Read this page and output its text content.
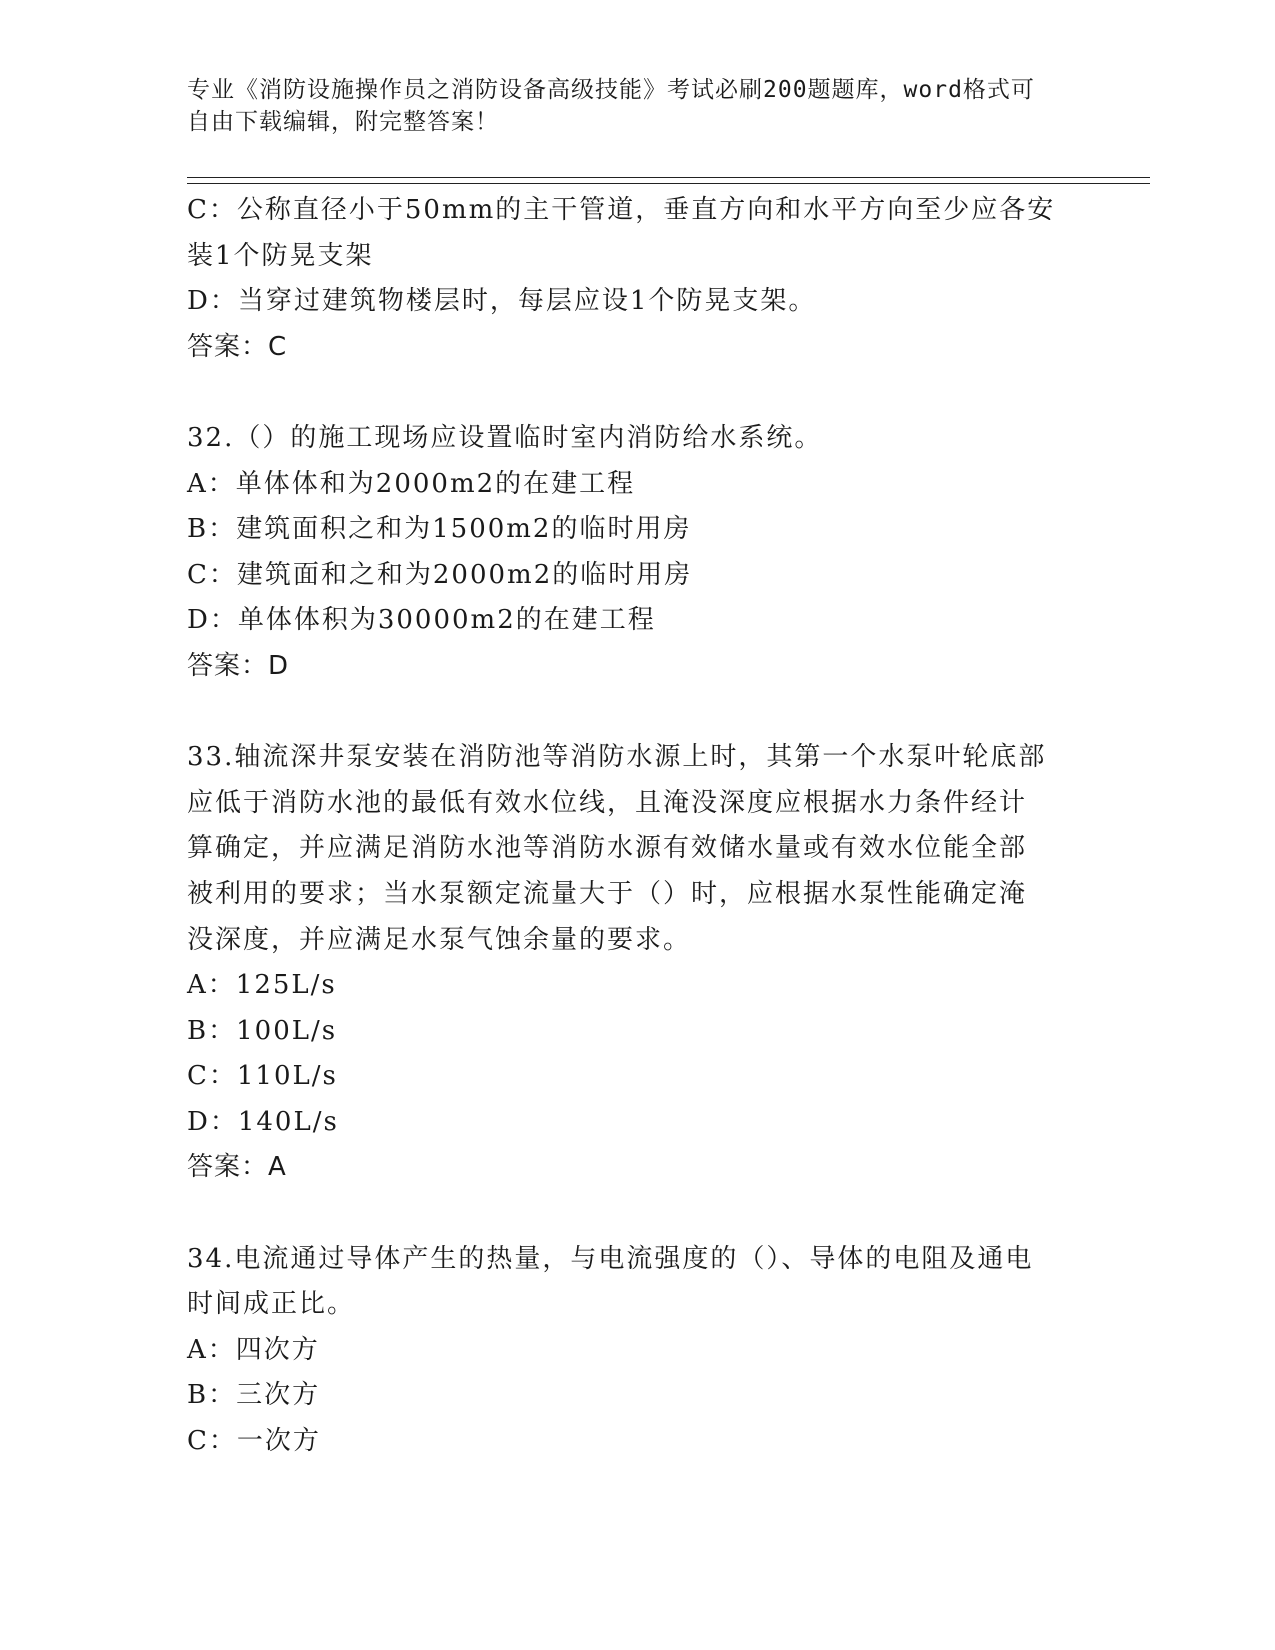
专业《消防设施操作员之消防设备高级技能》考试必刷200题题库，word格式可
自由下载编辑，附完整答案！
C：公称直径小于50mm的主干管道，垂直方向和水平方向至少应各安
装1个防晃支架
D：当穿过建筑物楼层时，每层应设1个防晃支架。
答案：C
32.（）的施工现场应设置临时室内消防给水系统。
A：单体体和为2000m2的在建工程
B：建筑面积之和为1500m2的临时用房
C：建筑面和之和为2000m2的临时用房
D：单体体积为30000m2的在建工程
答案：D
33.轴流深井泵安装在消防池等消防水源上时，其第一个水泵叶轮底部
应低于消防水池的最低有效水位线，且淹没深度应根据水力条件经计
算确定，并应满足消防水池等消防水源有效储水量或有效水位能全部
被利用的要求；当水泵额定流量大于（）时，应根据水泵性能确定淹
没深度，并应满足水泵气蚀余量的要求。
A：125L/s
B：100L/s
C：110L/s
D：140L/s
答案：A
34.电流通过导体产生的热量，与电流强度的（）、导体的电阻及通电
时间成正比。
A：四次方
B：三次方
C：一次方
